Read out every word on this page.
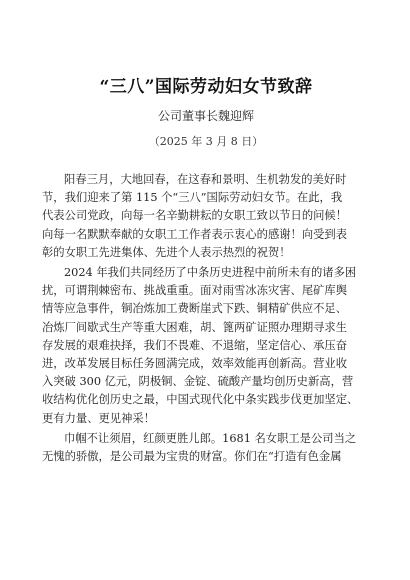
“三八”国际劳动妇女节致辞
公司董事长魏迎辉
（2025 年 3 月 8 日）

阳春三月，大地回春，在这春和景明、生机勃发的美好时
节，我们迎来了第 115 个“三八”国际劳动妇女节。在此，我
代表公司党政，向每一名辛勤耕耘的女职工致以节日的问候！
向每一名默默奉献的女职工工作者表示衷心的感谢！向受到表
彰的女职工先进集体、先进个人表示热烈的祝贺！

2024 年我们共同经历了中条历史进程中前所未有的诸多困
扰，可谓荆棘密布、挑战重重。面对雨雪冰冻灾害、尾矿库舆
情等应急事件，铜冶炼加工费断崖式下跌、铜精矿供应不足、
冶炼厂间歇式生产等重大困难，胡、篦两矿证照办理期寻求生
存发展的艰难抉择，我们不畏难、不退缩，坚定信心、承压奋
进，改革发展目标任务圆满完成，效率效能再创新高。营业收
入突破 300 亿元，阴极铜、金锭、硫酸产量均创历史新高，营
收结构优化创历史之最，中国式现代化中条实践步伐更加坚定、
更有力量、更见神采！

巾帼不让须眉，红颜更胜儿郎。1681 名女职工是公司当之
无愧的骄傲，是公司最为宝贵的财富。你们在“打造有色金属
